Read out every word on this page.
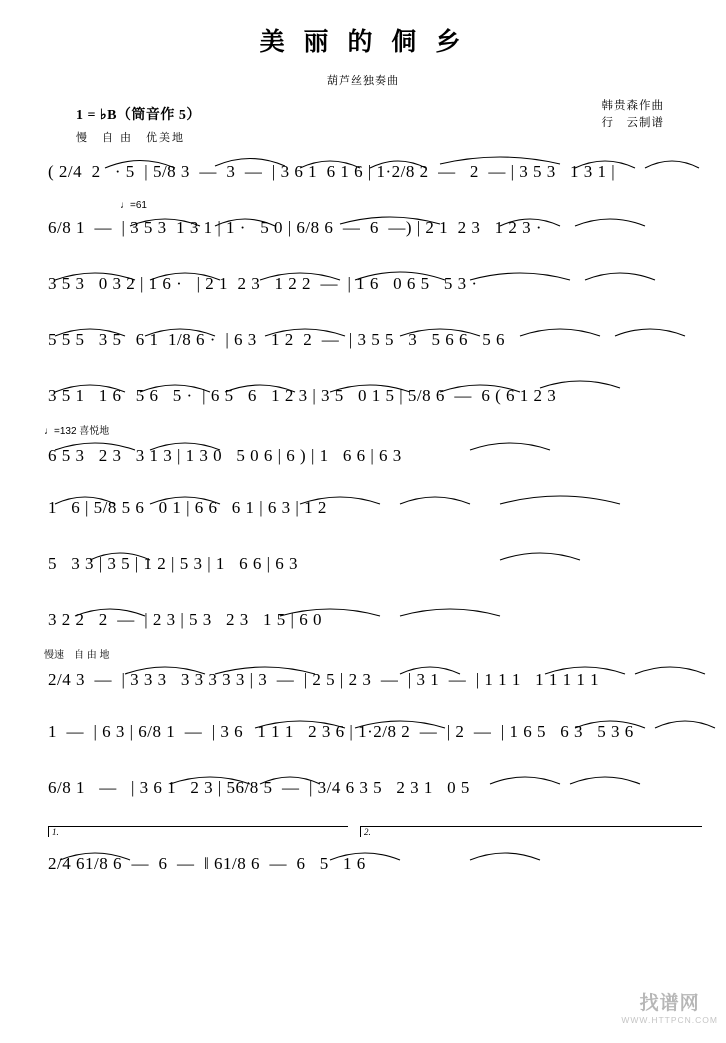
美 丽 的 侗 乡
葫芦丝独奏曲
1 = ♭B（筒音作 5）
慢　自 由　优美地
韩贵森作曲
行　云制谱
( 2/4  2   · 5  | 5/8 3  —  3  —  | 3 6 1  6 1 6 | 1·2/8 2  —   2  — | 3 5 3   1 3 1 |
♩=61
6/8 1  —  | 3 5 3  1 3 1 | 1 ·   5 0 | 6/8 6  —  6  —) | 2 1  2 3   1 2 3 ·
3 5 3   0 3 2 | 1 6 ·   | 2 1  2 3   1 2 2  —  | 1 6   0 6 5   5 3 ·
5 5 5   3 5   6 1  1/8 6 ·  | 6 3   1 2  2  —  | 3 5 5   3   5 6 6   5 6
3 5 1   1 6   5 6   5 ·  | 6 5   6   1 2 3 | 3 5   0 1 5 | 5/8 6  —  6 ( 6 1 2 3
♩=132 喜悦地
6 5 3   2 3   3 1 3 | 1 3 0   5 0 6 | 6 ) | 1   6 6 | 6 3
1   6 | 5/8 5 6   0 1 | 6 6   6 1 | 6 3 | 1 2
5   3 3 | 3 5 | 1 2 | 5 3 | 1   6 6 | 6 3
3 2 2   2  —  | 2 3 | 5 3   2 3   1 5 | 6 0
慢速　自 由 地
2/4 3  —  | 3 3 3   3 3 3 3 3 | 3  —  | 2 5 | 2 3  —  | 3 1  —  | 1 1 1   1 1 1 1 1
1  —  | 6 3 | 6/8 1  —  | 3 6   1 1 1   2 3 6 | 1·2/8 2  —  | 2  —  | 1 6 5   6 3   5 3 6
6/8 1   —   | 3 6 1   2 3 | 56/8 5  —  | 3/4 6 3 5   2 3 1   0 5
1.	2.
2/4 61/8 6  —  6  —  ‖ 61/8 6  —  6   5   1 6
找谱网
WWW.HTTPCN.COM
